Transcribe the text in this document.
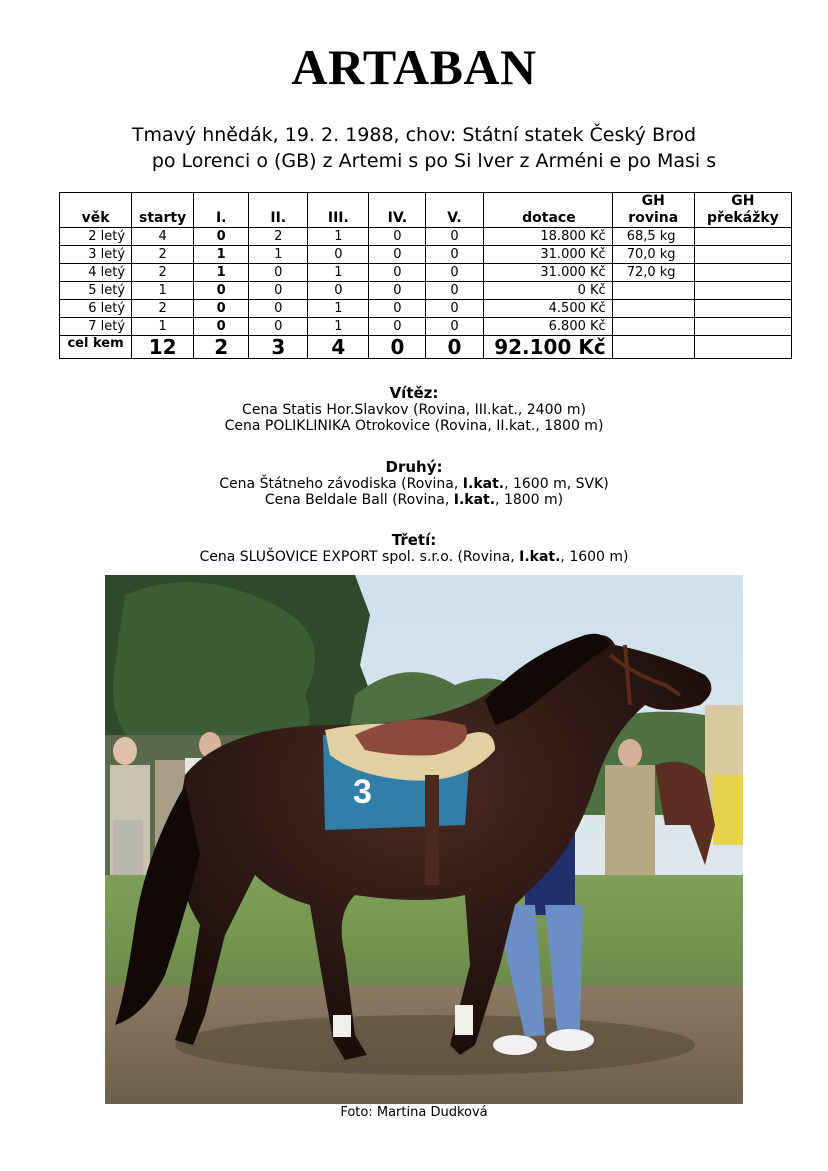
ARTABAN
Tmavý hnědák, 19. 2. 1988, chov: Státní statek Český Brod
po Lorenci o (GB) z Artemi s po Si lver z Arméni e po Masi s
věk	starty	I.	II.	III.	IV.	V.	dotace	GH rovina	GH překážky
2 letý	4	0	2	1	0	0	18.800 Kč	68,5 kg	
3 letý	2	1	1	0	0	0	31.000 Kč	70,0 kg	
4 letý	2	1	0	1	0	0	31.000 Kč	72,0 kg	
5 letý	1	0	0	0	0	0	0 Kč		
6 letý	2	0	0	1	0	0	4.500 Kč		
7 letý	1	0	0	1	0	0	6.800 Kč		
cel kem	12	2	3	4	0	0	92.100 Kč		
Vítěz:
Cena Statis Hor.Slavkov (Rovina, III.kat., 2400 m)
Cena POLIKLINIKA Otrokovice (Rovina, II.kat., 1800 m)
Druhý:
Cena Štátneho závodiska (Rovina, I.kat., 1600 m, SVK)
Cena Beldale Ball (Rovina, I.kat., 1800 m)
Třetí:
Cena SLUŠOVICE EXPORT spol. s.r.o. (Rovina, I.kat., 1600 m)
3
Foto: Martina Dudková
